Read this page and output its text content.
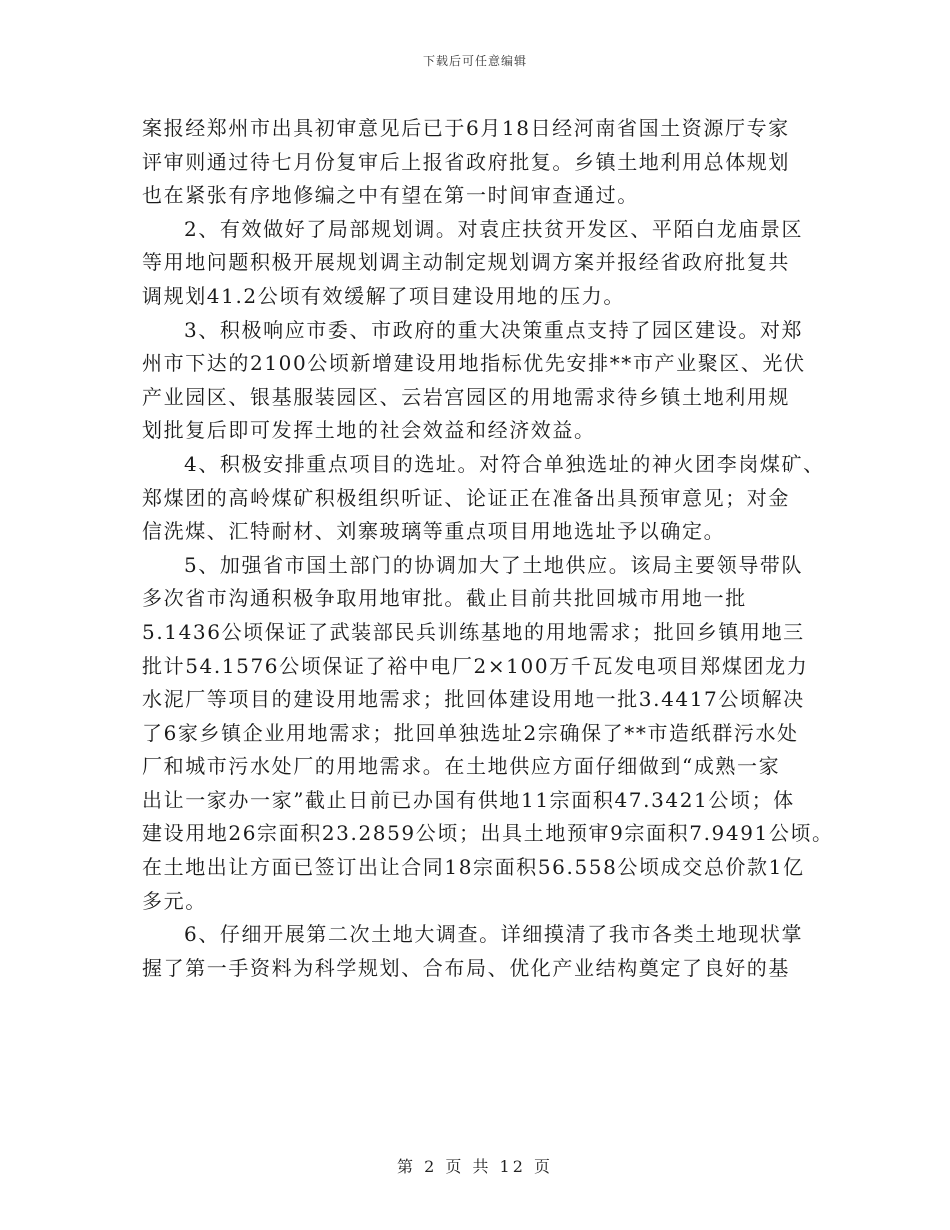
下载后可任意编辑
案报经郑州市出具初审意见后已于6月18日经河南省国土资源厅专家
评审则通过待七月份复审后上报省政府批复。乡镇土地利用总体规划
也在紧张有序地修编之中有望在第一时间审查通过。
2、有效做好了局部规划调。对袁庄扶贫开发区、平陌白龙庙景区
等用地问题积极开展规划调主动制定规划调方案并报经省政府批复共
调规划41.2公顷有效缓解了项目建设用地的压力。
3、积极响应市委、市政府的重大决策重点支持了园区建设。对郑
州市下达的2100公顷新增建设用地指标优先安排**市产业聚区、光伏
产业园区、银基服装园区、云岩宫园区的用地需求待乡镇土地利用规
划批复后即可发挥土地的社会效益和经济效益。
4、积极安排重点项目的选址。对符合单独选址的神火团李岗煤矿、
郑煤团的高岭煤矿积极组织听证、论证正在准备出具预审意见；对金
信洗煤、汇特耐材、刘寨玻璃等重点项目用地选址予以确定。
5、加强省市国土部门的协调加大了土地供应。该局主要领导带队
多次省市沟通积极争取用地审批。截止目前共批回城市用地一批
5.1436公顷保证了武装部民兵训练基地的用地需求；批回乡镇用地三
批计54.1576公顷保证了裕中电厂2×100万千瓦发电项目郑煤团龙力
水泥厂等项目的建设用地需求；批回体建设用地一批3.4417公顷解决
了6家乡镇企业用地需求；批回单独选址2宗确保了**市造纸群污水处
厂和城市污水处厂的用地需求。在土地供应方面仔细做到“成熟一家
出让一家办一家”截止日前已办国有供地11宗面积47.3421公顷；体
建设用地26宗面积23.2859公顷；出具土地预审9宗面积7.9491公顷。
在土地出让方面已签订出让合同18宗面积56.558公顷成交总价款1亿
多元。
6、仔细开展第二次土地大调查。详细摸清了我市各类土地现状掌
握了第一手资料为科学规划、合布局、优化产业结构奠定了良好的基
第 2 页 共 12 页
